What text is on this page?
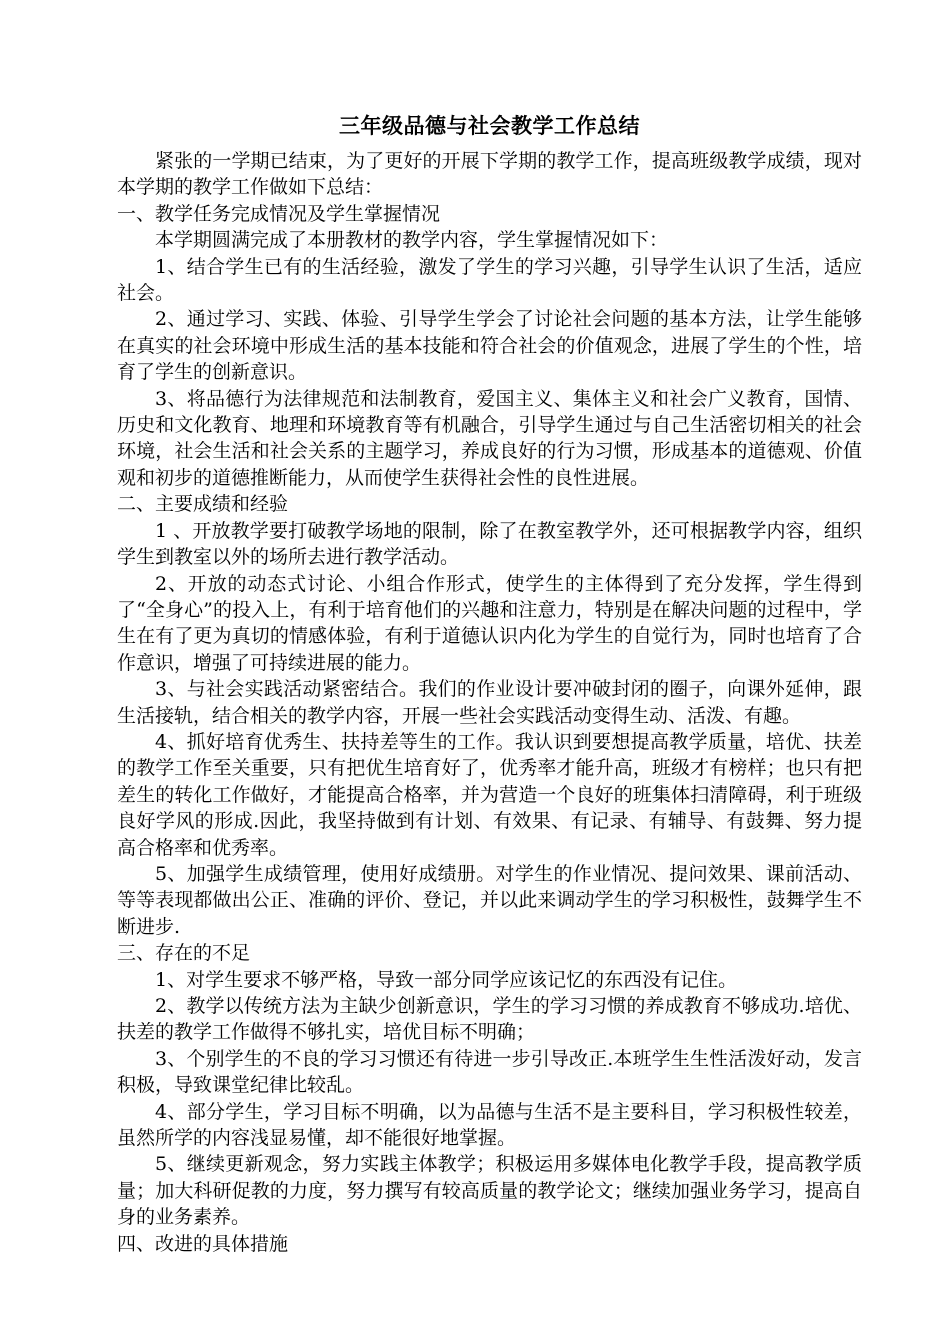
三年级品德与社会教学工作总结

紧张的一学期已结束，为了更好的开展下学期的教学工作，提高班级教学成绩，现对本学期的教学工作做如下总结：

一、教学任务完成情况及学生掌握情况

本学期圆满完成了本册教材的教学内容，学生掌握情况如下：

1、结合学生已有的生活经验，激发了学生的学习兴趣，引导学生认识了生活，适应社会。

2、通过学习、实践、体验、引导学生学会了讨论社会问题的基本方法，让学生能够在真实的社会环境中形成生活的基本技能和符合社会的价值观念，进展了学生的个性，培育了学生的创新意识。

3、将品德行为法律规范和法制教育，爱国主义、集体主义和社会广义教育，国情、历史和文化教育、地理和环境教育等有机融合，引导学生通过与自己生活密切相关的社会环境，社会生活和社会关系的主题学习，养成良好的行为习惯，形成基本的道德观、价值观和初步的道德推断能力，从而使学生获得社会性的良性进展。

二、主要成绩和经验

1 、开放教学要打破教学场地的限制，除了在教室教学外，还可根据教学内容，组织学生到教室以外的场所去进行教学活动。

2、开放的动态式讨论、小组合作形式，使学生的主体得到了充分发挥，学生得到了“全身心”的投入上，有利于培育他们的兴趣和注意力，特别是在解决问题的过程中，学生在有了更为真切的情感体验，有利于道德认识内化为学生的自觉行为，同时也培育了合作意识，增强了可持续进展的能力。

3、与社会实践活动紧密结合。我们的作业设计要冲破封闭的圈子，向课外延伸，跟生活接轨，结合相关的教学内容，开展一些社会实践活动变得生动、活泼、有趣。

4、抓好培育优秀生、扶持差等生的工作。我认识到要想提高教学质量，培优、扶差的教学工作至关重要，只有把优生培育好了，优秀率才能升高，班级才有榜样；也只有把差生的转化工作做好，才能提高合格率，并为营造一个良好的班集体扫清障碍，利于班级良好学风的形成.因此，我坚持做到有计划、有效果、有记录、有辅导、有鼓舞、努力提高合格率和优秀率。

5、加强学生成绩管理，使用好成绩册。对学生的作业情况、提问效果、课前活动、等等表现都做出公正、准确的评价、登记，并以此来调动学生的学习积极性，鼓舞学生不断进步.

三、存在的不足

1、对学生要求不够严格，导致一部分同学应该记忆的东西没有记住。

2、教学以传统方法为主缺少创新意识，学生的学习习惯的养成教育不够成功.培优、扶差的教学工作做得不够扎实，培优目标不明确；

3、个别学生的不良的学习习惯还有待进一步引导改正.本班学生生性活泼好动，发言积极，导致课堂纪律比较乱。

4、部分学生，学习目标不明确，以为品德与生活不是主要科目，学习积极性较差，虽然所学的内容浅显易懂，却不能很好地掌握。

5、继续更新观念，努力实践主体教学；积极运用多媒体电化教学手段，提高教学质量；加大科研促教的力度，努力撰写有较高质量的教学论文；继续加强业务学习，提高自身的业务素养。

四、改进的具体措施
